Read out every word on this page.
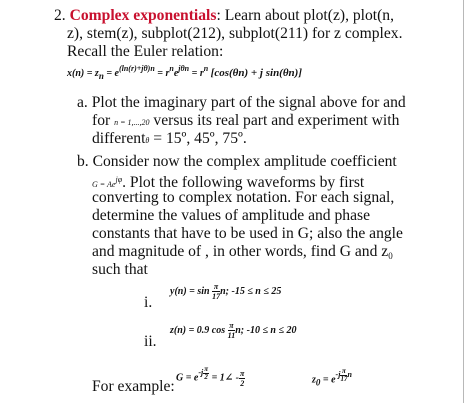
2. Complex exponentials: Learn about plot(z), plot(n,
z), stem(z), subplot(212), subplot(211) for z complex.
Recall the Euler relation:
x(n) = zn = $e^{(ln(r)+j\theta)n} = r^ne^{j\theta n} = r^n$ [cos(θn) + j sin(θn)]
a. Plot the imaginary part of the signal above for and
for n = 1,...,20 versus its real part and experiment with
differentθ = 15º, 45º, 75º.
b. Consider now the complex amplitude coefficient
$G = Ae^{j\varphi}$. Plot the following waveforms by first
converting to complex notation. For each signal,
determine the values of amplitude and phase
constants that have to be used in G; also the angle
and magnitude of , in other words, find G and $z_0$
such that
i.
$y(n) = \sin \frac{\pi}{17} n$; -15 ≤ n ≤ 25
ii.
z(n) = 0.9 $\cos \frac{\pi}{11} n$; -10 ≤ n ≤ 20
For example:
$G = e^{-j \frac{\pi}{2}}$ = 1∠ - $\frac{\pi}{2}$	$z0 = e^{-j \frac{\pi}{17} n}$
